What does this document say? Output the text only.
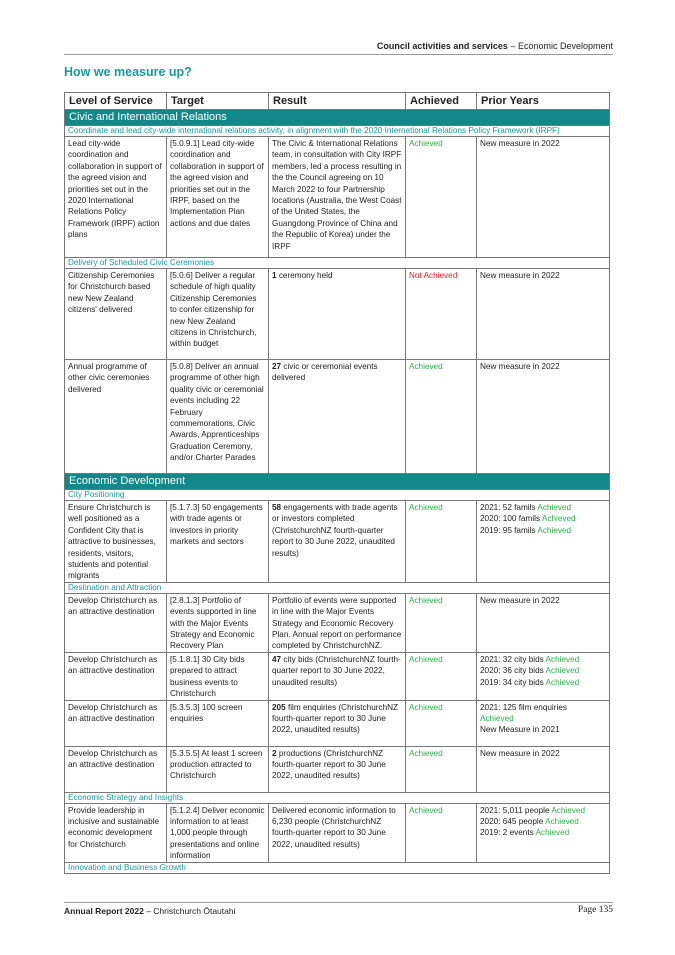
Council activities and services – Economic Development
How we measure up?
Level of Service	Target	Result	Achieved	Prior Years
Civic and International Relations				
Coordinate and lead city-wide international relations activity, in alignment with the 2020 International Relations Policy Framework (IRPF)				
Lead city-wide coordination and collaboration in support of the agreed vision and priorities set out in the 2020 International Relations Policy Framework (IRPF) action plans	[5.0.9.1] Lead city-wide coordination and collaboration in support of the agreed vision and priorities set out in the IRPF, based on the Implementation Plan actions and due dates	The Civic & International Relations team, in consultation with City IRPF members, led a process resulting in the the Council agreeing on 10 March 2022 to four Partnership locations (Australia, the West Coast of the United States, the Guangdong Province of China and the Republic of Korea) under the IRPF	Achieved	New measure in 2022

Delivery of Scheduled Civic Ceremonies				
Citizenship Ceremonies for Christchurch based new New Zealand citizens' delivered	[5.0.6] Deliver a regular schedule of high quality Citizenship Ceremonies to confer citizenship for new New Zealand citizens in Christchurch, within budget	1 ceremony held	Not Achieved	New measure in 2022

Annual programme of other civic ceremonies delivered	[5.0.8] Deliver an annual programme of other high quality civic or ceremonial events including 22 February commemorations, Civic Awards, Apprenticeships Graduation Ceremony, and/or Charter Parades	27 civic or ceremonial events delivered	Achieved	New measure in 2022

Economic Development				
City Positioning				
Ensure Christchurch is well positioned as a Confident City that is attractive to businesses, residents, visitors, students and potential migrants	[5.1.7.3] 50 engagements with trade agents or investors in priority markets and sectors	58 engagements with trade agents or investors completed (ChristchurchNZ fourth-quarter report to 30 June 2022, unaudited results)	Achieved	2021: 52 famils Achieved
2020: 100 famils Achieved
2019: 95 famils Achieved

Destination and Attraction				
Develop Christchurch as an attractive destination	[2.8.1.3] Portfolio of events supported in line with the Major Events Strategy and Economic Recovery Plan	Portfolio of events were supported in line with the Major Events Strategy and Economic Recovery Plan. Annual report on performance completed by ChristchurchNZ.	Achieved	New measure in 2022

Develop Christchurch as an attractive destination	[5.1.8.1] 30 City bids prepared to attract business events to Christchurch	47 city bids (ChristchurchNZ fourth-quarter report to 30 June 2022, unaudited results)	Achieved	2021: 32 city bids Achieved
2020: 36 city bids Achieved
2019: 34 city bids Achieved

Develop Christchurch as an attractive destination	[5.3.5.3] 100 screen enquiries	205 film enquiries (ChristchurchNZ fourth-quarter report to 30 June 2022, unaudited results)	Achieved	2021: 125 film enquiries
Achieved
New Measure in 2021

Develop Christchurch as an attractive destination	[5.3.5.5] At least 1 screen production attracted to Christchurch	2 productions (ChristchurchNZ fourth-quarter report to 30 June 2022, unaudited results)	Achieved	New measure in 2022

Economic Strategy and Insights				
Provide leadership in inclusive and sustainable economic development for Christchurch	[5.1.2.4] Deliver economic information to at least 1,000 people through presentations and online information	Delivered economic information to 6,230 people (ChristchurchNZ fourth-quarter report to 30 June 2022, unaudited results)	Achieved	2021: 5,011 people Achieved
2020: 645 people Achieved
2019: 2 events Achieved

Innovation and Business Growth				
Annual Report 2022 – Christchurch Ōtautahi	Page 135
